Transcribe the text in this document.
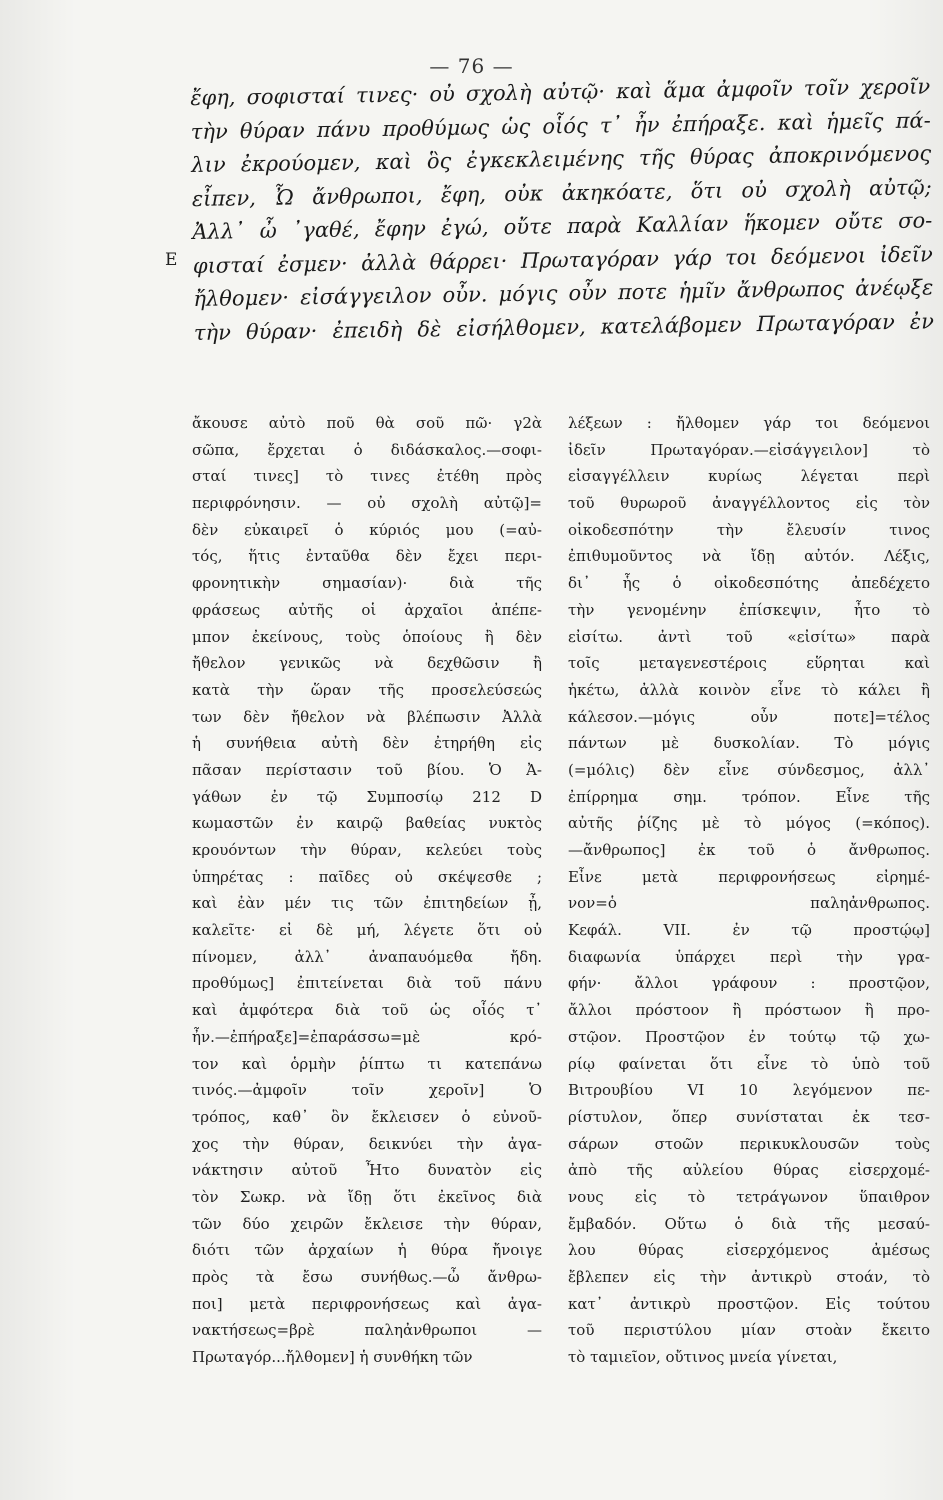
— 76 —
E
ἔφη, σοφισταί τινες· οὐ σχολὴ αὐτῷ· καὶ ἅμα ἀμφοῖν τοῖν χεροῖν
τὴν θύραν πάνυ προθύμως ὡς οἷός τ᾽ ἦν ἐπήραξε. καὶ ἡμεῖς πά-
λιν ἐκρούομεν, καὶ ὃς ἐγκεκλειμένης τῆς θύρας ἀποκρινόμενος
εἶπεν, Ὦ ἄνθρωποι, ἔφη, οὐκ ἀκηκόατε, ὅτι οὐ σχολὴ αὐτῷ;
Ἀλλ᾽ ὦ ᾽γαθέ, ἔφην ἐγώ, οὔτε παρὰ Καλλίαν ἥκομεν οὔτε σο-
φισταί ἐσμεν· ἀλλὰ θάρρει· Πρωταγόραν γάρ τοι δεόμενοι ἰδεῖν
ἤλθομεν· εἰσάγγειλον οὖν. μόγις οὖν ποτε ἡμῖν ἄνθρωπος ἀνέῳξε
τὴν θύραν· ἐπειδὴ δὲ εἰσήλθομεν, κατελάβομεν Πρωταγόραν ἐν
ἄκουσε αὐτὸ ποῦ θὰ σοῦ πῶ· γ2ὰ
σῶπα, ἔρχεται ὁ διδάσκαλος.—σοφι-
σταί τινες] τὸ τινες ἐτέθη πρὸς
περιφρόνησιν. — οὐ σχολὴ αὐτῷ]=
δὲν εὐκαιρεῖ ὁ κύριός μου (=αὐ-
τός, ἥτις ἐνταῦθα δὲν ἔχει περι-
φρονητικὴν σημασίαν)· διὰ τῆς
φράσεως αὐτῆς οἱ ἀρχαῖοι ἀπέπε-
μπον ἐκείνους, τοὺς ὁποίους ἢ δὲν
ἤθελον γενικῶς νὰ δεχθῶσιν ἢ
κατὰ τὴν ὥραν τῆς προσελεύσεώς
των δὲν ἤθελον νὰ βλέπωσιν Ἀλλὰ
ἡ συνήθεια αὐτὴ δὲν ἐτηρήθη εἰς
πᾶσαν περίστασιν τοῦ βίου. Ὁ Ἀ-
γάθων ἐν τῷ Συμποσίῳ 212 D
κωμαστῶν ἐν καιρῷ βαθείας νυκτὸς
κρουόντων τὴν θύραν, κελεύει τοὺς
ὑπηρέτας : παῖδες οὐ σκέψεσθε ;
καὶ ἐὰν μέν τις τῶν ἐπιτηδείων ᾖ,
καλεῖτε· εἰ δὲ μή, λέγετε ὅτι οὐ
πίνομεν, ἀλλ᾽ ἀναπαυόμεθα ἤδη.
προθύμως] ἐπιτείνεται διὰ τοῦ πάνυ
καὶ ἀμφότερα διὰ τοῦ ὡς οἷός τ᾽
ἦν.—ἐπήραξε]=ἐπαράσσω=μὲ κρό-
τον καὶ ὁρμὴν ῥίπτω τι κατεπάνω
τινός.—ἀμφοῖν τοῖν χεροῖν] Ὁ
τρόπος, καθ᾽ ὃν ἔκλεισεν ὁ εὐνοῦ-
χος τὴν θύραν, δεικνύει τὴν ἀγα-
νάκτησιν αὐτοῦ Ἦτο δυνατὸν εἰς
τὸν Σωκρ. νὰ ἴδῃ ὅτι ἐκεῖνος διὰ
τῶν δύο χειρῶν ἔκλεισε τὴν θύραν,
διότι τῶν ἀρχαίων ἡ θύρα ἤνοιγε
πρὸς τὰ ἔσω συνήθως.—ὦ ἄνθρω-
ποι] μετὰ περιφρονήσεως καὶ ἀγα-
νακτήσεως=βρὲ παληἀνθρωποι —
Πρωταγόρ...ἤλθομεν] ἡ συνθήκη τῶν
λέξεων : ἤλθομεν γάρ τοι δεόμενοι
ἰδεῖν Πρωταγόραν.—εἰσάγγειλον] τὸ
εἰσαγγέλλειν κυρίως λέγεται περὶ
τοῦ θυρωροῦ ἀναγγέλλοντος εἰς τὸν
οἰκοδεσπότην τὴν ἔλευσίν τινος
ἐπιθυμοῦντος νὰ ἴδῃ αὐτόν. Λέξις,
δι᾽ ἧς ὁ οἰκοδεσπότης ἀπεδέχετο
τὴν γενομένην ἐπίσκεψιν, ἦτο τὸ
εἰσίτω. ἀντὶ τοῦ «εἰσίτω» παρὰ
τοῖς μεταγενεστέροις εὕρηται καὶ
ἡκέτω, ἀλλὰ κοινὸν εἶνε τὸ κάλει ἢ
κάλεσον.—μόγις οὖν ποτε]=τέλος
πάντων μὲ δυσκολίαν. Τὸ μόγις
(=μόλις) δὲν εἶνε σύνδεσμος, ἀλλ᾽
ἐπίρρημα σημ. τρόπον. Εἶνε τῆς
αὐτῆς ῥίζης μὲ τὸ μόγος (=κόπος).
—ἄνθρωπος] ἐκ τοῦ ὁ ἄνθρωπος.
Εἶνε μετὰ περιφρονήσεως εἰρημέ-
νον=ὁ παληἀνθρωπος.
Κεφάλ. VII. ἐν τῷ προστῴῳ]
διαφωνία ὑπάρχει περὶ τὴν γρα-
φήν· ἄλλοι γράφουν : προστῷον,
ἄλλοι πρόστοον ἢ πρόστωον ἢ προ-
στῷον. Προστῷον ἐν τούτῳ τῷ χω-
ρίῳ φαίνεται ὅτι εἶνε τὸ ὑπὸ τοῦ
Βιτρουβίου VI 10 λεγόμενον πε-
ρίστυλον, ὅπερ συνίσταται ἐκ τεσ-
σάρων στοῶν περικυκλουσῶν τοὺς
ἀπὸ τῆς αὐλείου θύρας εἰσερχομέ-
νους εἰς τὸ τετράγωνον ὕπαιθρον
ἔμβαδόν. Οὕτω ὁ διὰ τῆς μεσαύ-
λου θύρας εἰσερχόμενος ἀμέσως
ἔβλεπεν εἰς τὴν ἀντικρὺ στοάν, τὸ
κατ᾽ ἀντικρὺ προστῷον. Εἰς τούτου
τοῦ περιστύλου μίαν στοὰν ἔκειτο
τὸ ταμιεῖον, οὔτινος μνεία γίνεται,
